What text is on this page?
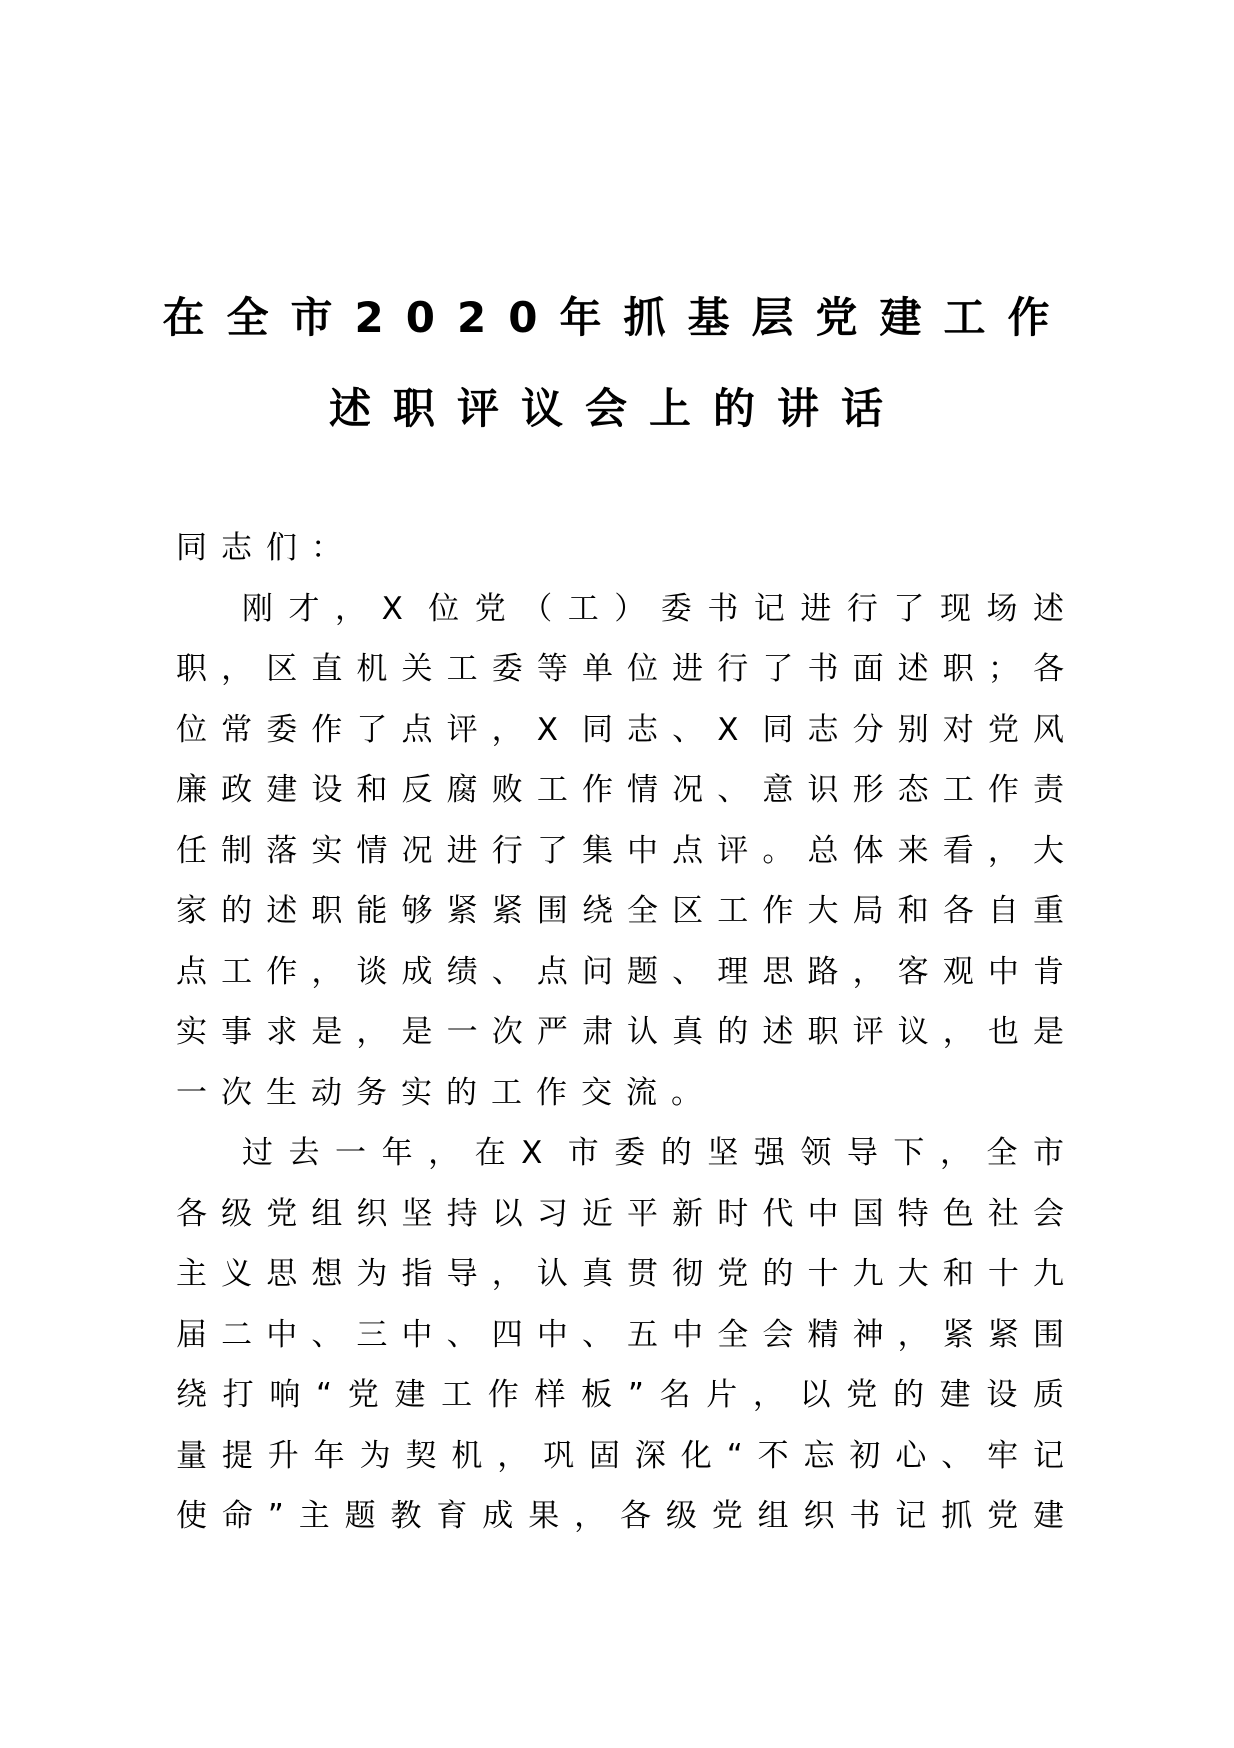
在全市2020年抓基层党建工作
述职评议会上的讲话
同志们：
刚才，X 位党（工）委书记进行了现场述
职，区直机关工委等单位进行了书面述职；各
位常委作了点评，X 同志、X 同志分别对党风
廉政建设和反腐败工作情况、意识形态工作责
任制落实情况进行了集中点评。总体来看，大
家的述职能够紧紧围绕全区工作大局和各自重
点工作，谈成绩、点问题、理思路，客观中肯
实事求是，是一次严肃认真的述职评议，也是
一次生动务实的工作交流。
过去一年，在X 市委的坚强领导下，全市
各级党组织坚持以习近平新时代中国特色社会
主义思想为指导，认真贯彻党的十九大和十九
届二中、三中、四中、五中全会精神，紧紧围
绕打响“党建工作样板”名片，以党的建设质
量提升年为契机，巩固深化“不忘初心、牢记
使命”主题教育成果，各级党组织书记抓党建
